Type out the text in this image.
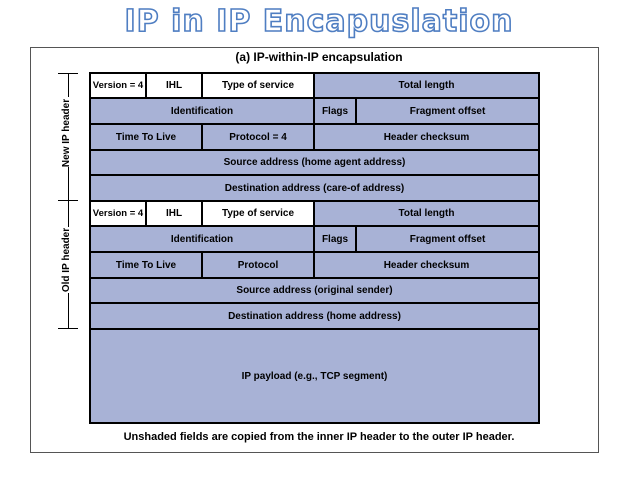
IP in IP Encapuslation
(a) IP-within-IP encapsulation
New IP header
Old IP header
Version = 4	IHL	Type of service	Total length
Identification	Flags	Fragment offset
Time To Live	Protocol = 4	Header checksum
Source address (home agent address)
Destination address (care-of address)
Version = 4	IHL	Type of service	Total length
Identification	Flags	Fragment offset
Time To Live	Protocol	Header checksum
Source address (original sender)
Destination address (home address)
IP payload (e.g., TCP segment)
Unshaded fields are copied from the inner IP header to the outer IP header.
